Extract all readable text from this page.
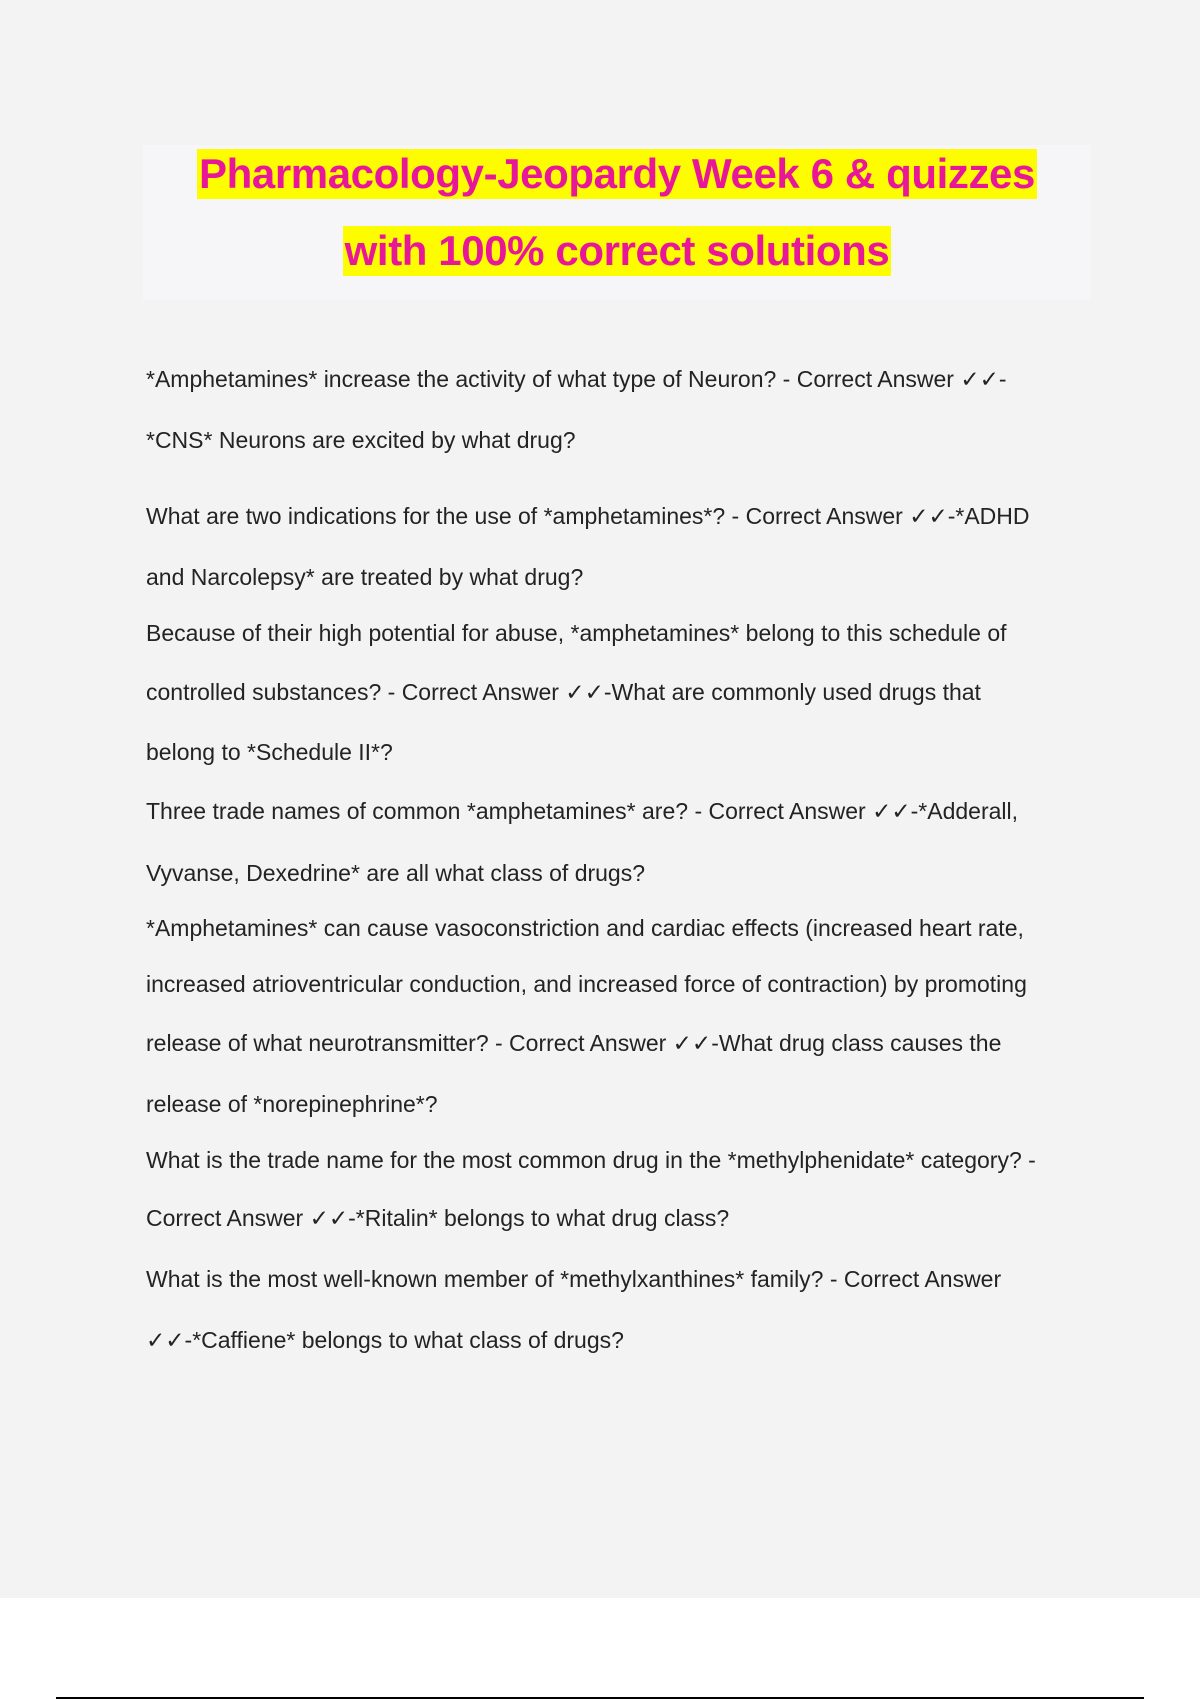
Pharmacology-Jeopardy Week 6 & quizzes
with 100% correct solutions
*Amphetamines* increase the activity of what type of Neuron? - Correct Answer ✓✓-
*CNS* Neurons are excited by what drug?
What are two indications for the use of *amphetamines*? - Correct Answer ✓✓-*ADHD
and Narcolepsy* are treated by what drug?
Because of their high potential for abuse, *amphetamines* belong to this schedule of
controlled substances? - Correct Answer ✓✓-What are commonly used drugs that
belong to *Schedule II*?
Three trade names of common *amphetamines* are? - Correct Answer ✓✓-*Adderall,
Vyvanse, Dexedrine* are all what class of drugs?
*Amphetamines* can cause vasoconstriction and cardiac effects (increased heart rate,
increased atrioventricular conduction, and increased force of contraction) by promoting
release of what neurotransmitter? - Correct Answer ✓✓-What drug class causes the
release of *norepinephrine*?
What is the trade name for the most common drug in the *methylphenidate* category? -
Correct Answer ✓✓-*Ritalin* belongs to what drug class?
What is the most well-known member of *methylxanthines* family? - Correct Answer
✓✓-*Caffiene* belongs to what class of drugs?
